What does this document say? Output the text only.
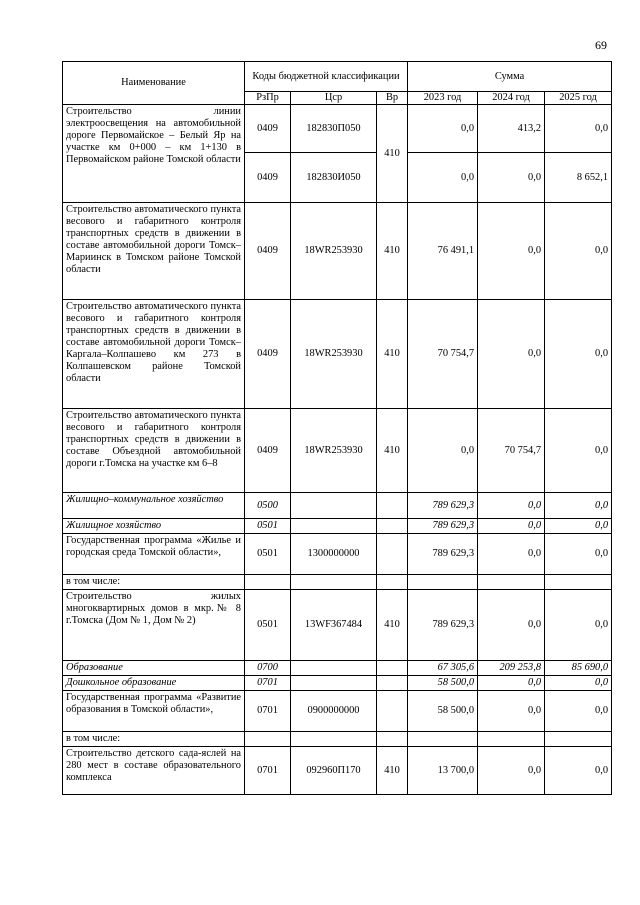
69
Наименование	Коды бюджетной классификации			Сумма		
	РзПр	Цср	Вр	2023 год	2024 год	2025 год
Строительство линии электроосвещения на автомобильной дороге Первомайское – Белый Яр на участке км 0+000 – км 1+130 в Первомайском районе Томской области	0409	182830П050	410	0,0	413,2	0,0
	0409	182830И050		0,0	0,0	8 652,1
Строительство автоматического пункта весового и габаритного контроля транспортных средств в движении в составе автомобильной дороги Томск–Мариинск в Томском районе Томской области	0409	18WR253930	410	76 491,1	0,0	0,0
Строительство автоматического пункта весового и габаритного контроля транспортных средств в движении в составе автомобильной дороги Томск–Каргала–Колпашево км 273 в Колпашевском районе Томской области	0409	18WR253930	410	70 754,7	0,0	0,0
Строительство автоматического пункта весового и габаритного контроля транспортных средств в движении в составе Объездной автомобильной дороги г.Томска на участке км 6–8	0409	18WR253930	410	0,0	70 754,7	0,0
Жилищно–коммунальное хозяйство	0500			789 629,3	0,0	0,0
Жилищное хозяйство	0501			789 629,3	0,0	0,0
Государственная программа «Жилье и городская среда Томской области»,	0501	1300000000		789 629,3	0,0	0,0
в том числе:						
Строительство жилых многоквартирных домов в мкр.№ 8 г.Томска (Дом № 1, Дом № 2)	0501	13WF367484	410	789 629,3	0,0	0,0
Образование	0700			67 305,6	209 253,8	85 690,0
Дошкольное образование	0701			58 500,0	0,0	0,0
Государственная программа «Развитие образования в Томской области»,	0701	0900000000		58 500,0	0,0	0,0
в том числе:						
Строительство детского сада-яслей на 280 мест в составе образовательного комплекса	0701	092960П170	410	13 700,0	0,0	0,0
